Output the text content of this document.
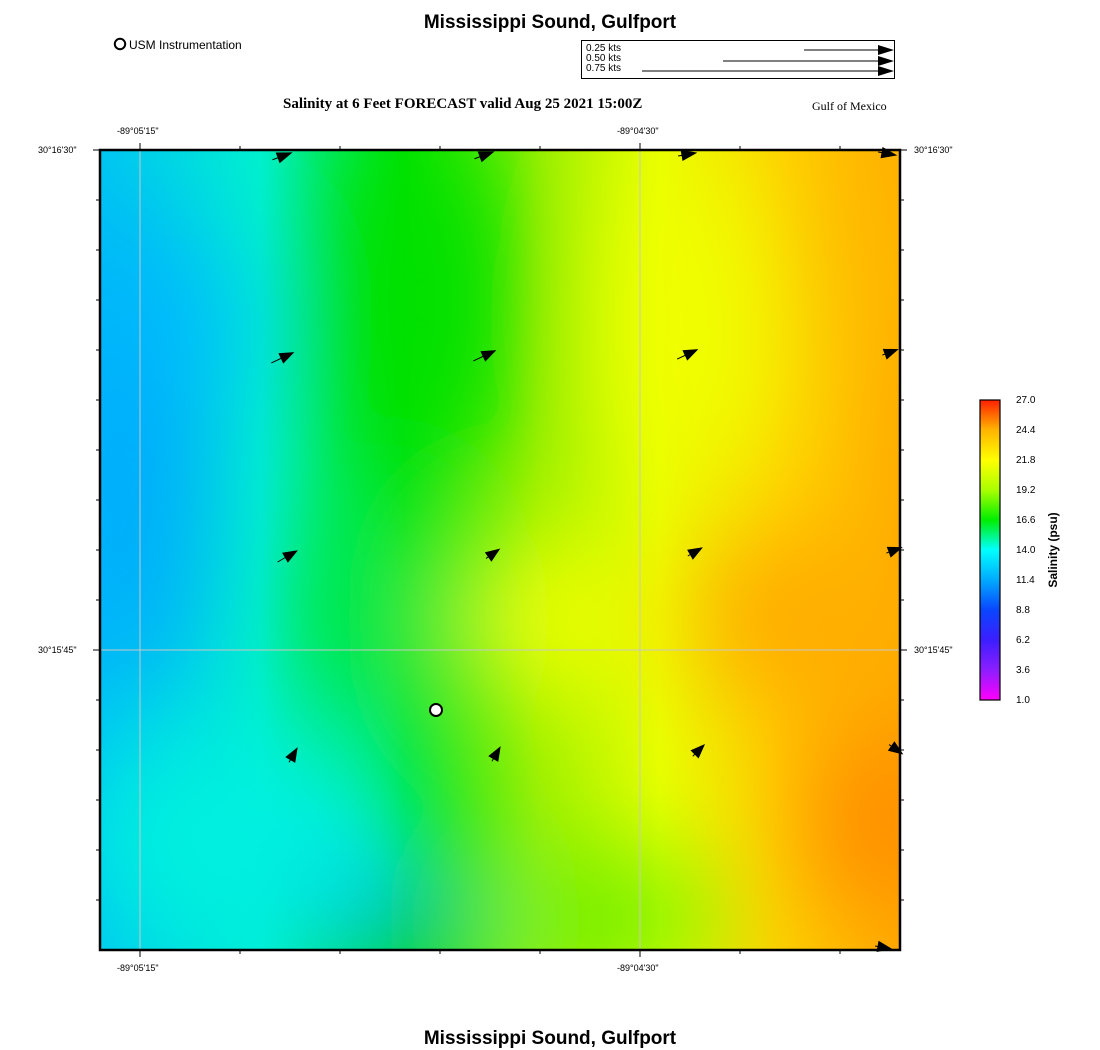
Mississippi Sound, Gulfport
Salinity at 6 Feet FORECAST valid Aug 25 2021 15:00Z	Gulf of Mexico
Mississippi Sound, Gulfport
USM Instrumentation	0.25 kts
0.50 kts
0.75 kts
-89°05'15"	-89°04'30"
-89°05'15"	-89°04'30"
30°16'30"
30°15'45"
30°16'30"
30°15'45"
27.0
24.4
21.8
19.2
16.6
14.0
11.4
8.8
6.2
3.6
1.0
Salinity (psu)
